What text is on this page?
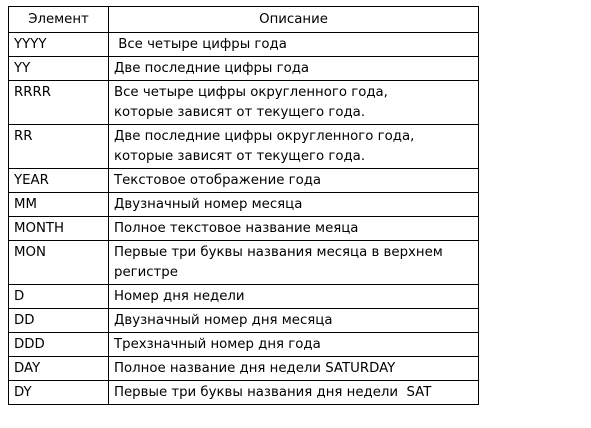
Элемент	Описание
YYYY	Все четыре цифры года
YY	Две последние цифры года
RRRR	Все четыре цифры округленного года, которые зависят от текущего года.
RR	Две последние цифры округленного года, которые зависят от текущего года.
YEAR	Текстовое отображение года
MM	Двузначный номер месяца
MONTH	Полное текстовое название меяца
MON	Первые три буквы названия месяца в верхнем регистре
D	Номер дня недели
DD	Двузначный номер дня месяца
DDD	Трехзначный номер дня года
DAY	Полное название дня недели SATURDAY
DY	Первые три буквы названия дня недели  SAT
